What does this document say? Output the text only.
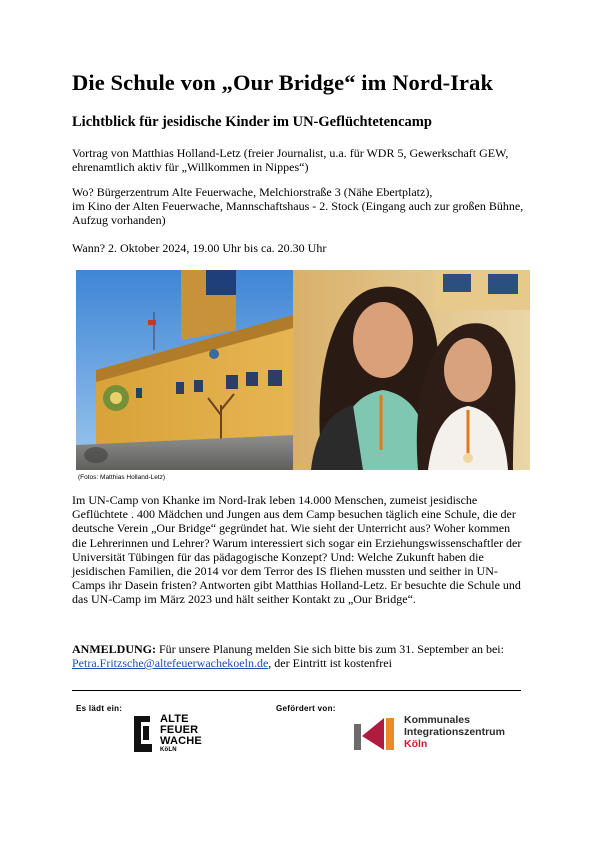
Die Schule von „Our Bridge“ im Nord-Irak
Lichtblick für jesidische Kinder im UN-Geflüchtetencamp
Vortrag von Matthias Holland-Letz (freier Journalist, u.a. für WDR 5, Gewerkschaft GEW,
ehrenamtlich aktiv für „Willkommen in Nippes“)
Wo? Bürgerzentrum Alte Feuerwache, Melchiorstraße 3 (Nähe Ebertplatz),
im Kino der Alten Feuerwache, Mannschaftshaus - 2. Stock (Eingang auch zur großen Bühne,
Aufzug vorhanden)
Wann? 2. Oktober 2024, 19.00 Uhr bis ca. 20.30 Uhr
(Fotos: Matthias Holland-Letz)
Im UN-Camp von Khanke im Nord-Irak leben 14.000 Menschen, zumeist jesidische
Geflüchtete . 400 Mädchen und Jungen aus dem Camp besuchen täglich eine Schule, die der
deutsche Verein „Our Bridge“ gegründet hat. Wie sieht der Unterricht aus? Woher kommen
die Lehrerinnen und Lehrer? Warum interessiert sich sogar ein Erziehungswissenschaftler der
Universität Tübingen für das pädagogische Konzept? Und: Welche Zukunft haben die
jesidischen Familien, die 2014 vor dem Terror des IS fliehen mussten und seither in UN-
Camps ihr Dasein fristen? Antworten gibt Matthias Holland-Letz. Er besuchte die Schule und
das UN-Camp im März 2023 und hält seither Kontakt zu „Our Bridge“.
ANMELDUNG: Für unsere Planung melden Sie sich bitte bis zum 31. September an bei:
Petra.Fritzsche@altefeuerwachekoeln.de, der Eintritt ist kostenfrei
Es lädt ein:	Gefördert von:
ALTE
FEUER
WACHE
KöLN
Kommunales
Integrationszentrum
Köln
